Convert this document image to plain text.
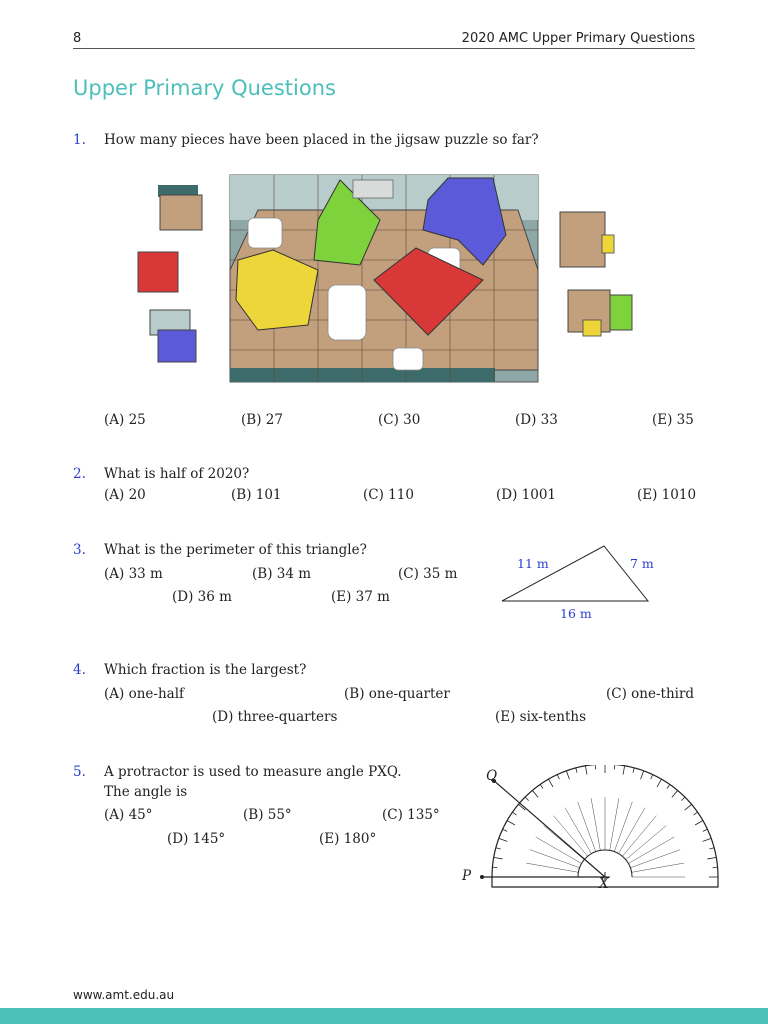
8	2020 AMC Upper Primary Questions
Upper Primary Questions
1. How many pieces have been placed in the jigsaw puzzle so far?
(A) 25	(B) 27	(C) 30	(D) 33	(E) 35
2. What is half of 2020?
(A) 20	(B) 101	(C) 110	(D) 1001	(E) 1010
3. What is the perimeter of this triangle?
(A) 33 m	(B) 34 m	(C) 35 m
(D) 36 m	(E) 37 m
11 m	7 m
16 m
4. Which fraction is the largest?
(A) one-half	(B) one-quarter	(C) one-third
(D) three-quarters	(E) six-tenths
5. A protractor is used to measure angle PXQ.
The angle is
(A) 45°	(B) 55°	(C) 135°
(D) 145°	(E) 180°
Q
P	X
www.amt.edu.au
